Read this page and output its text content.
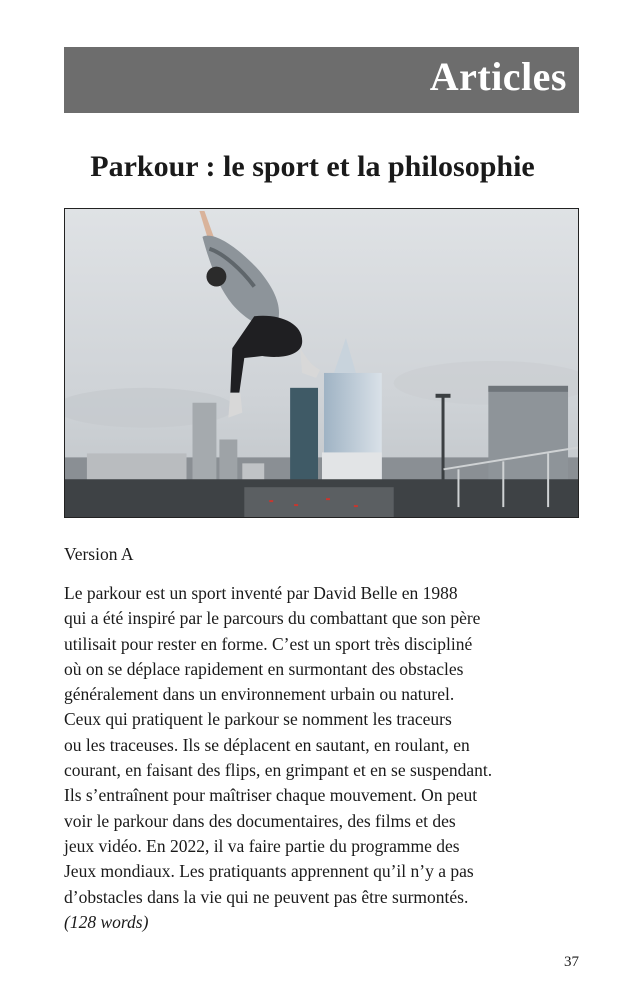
Articles
Parkour : le sport et la philosophie

Version A

Le parkour est un sport inventé par David Belle en 1988
qui a été inspiré par le parcours du combattant que son père
utilisait pour rester en forme. C’est un sport très discipliné
où on se déplace rapidement en surmontant des obstacles
généralement dans un environnement urbain ou naturel.
Ceux qui pratiquent le parkour se nomment les traceurs
ou les traceuses. Ils se déplacent en sautant, en roulant, en
courant, en faisant des flips, en grimpant et en se suspendant.
Ils s’entraînent pour maîtriser chaque mouvement. On peut
voir le parkour dans des documentaires, des films et des
jeux vidéo. En 2022, il va faire partie du programme des
Jeux mondiaux. Les pratiquants apprennent qu’il n’y a pas
d’obstacles dans la vie qui ne peuvent pas être surmontés.
(128 words)

37
